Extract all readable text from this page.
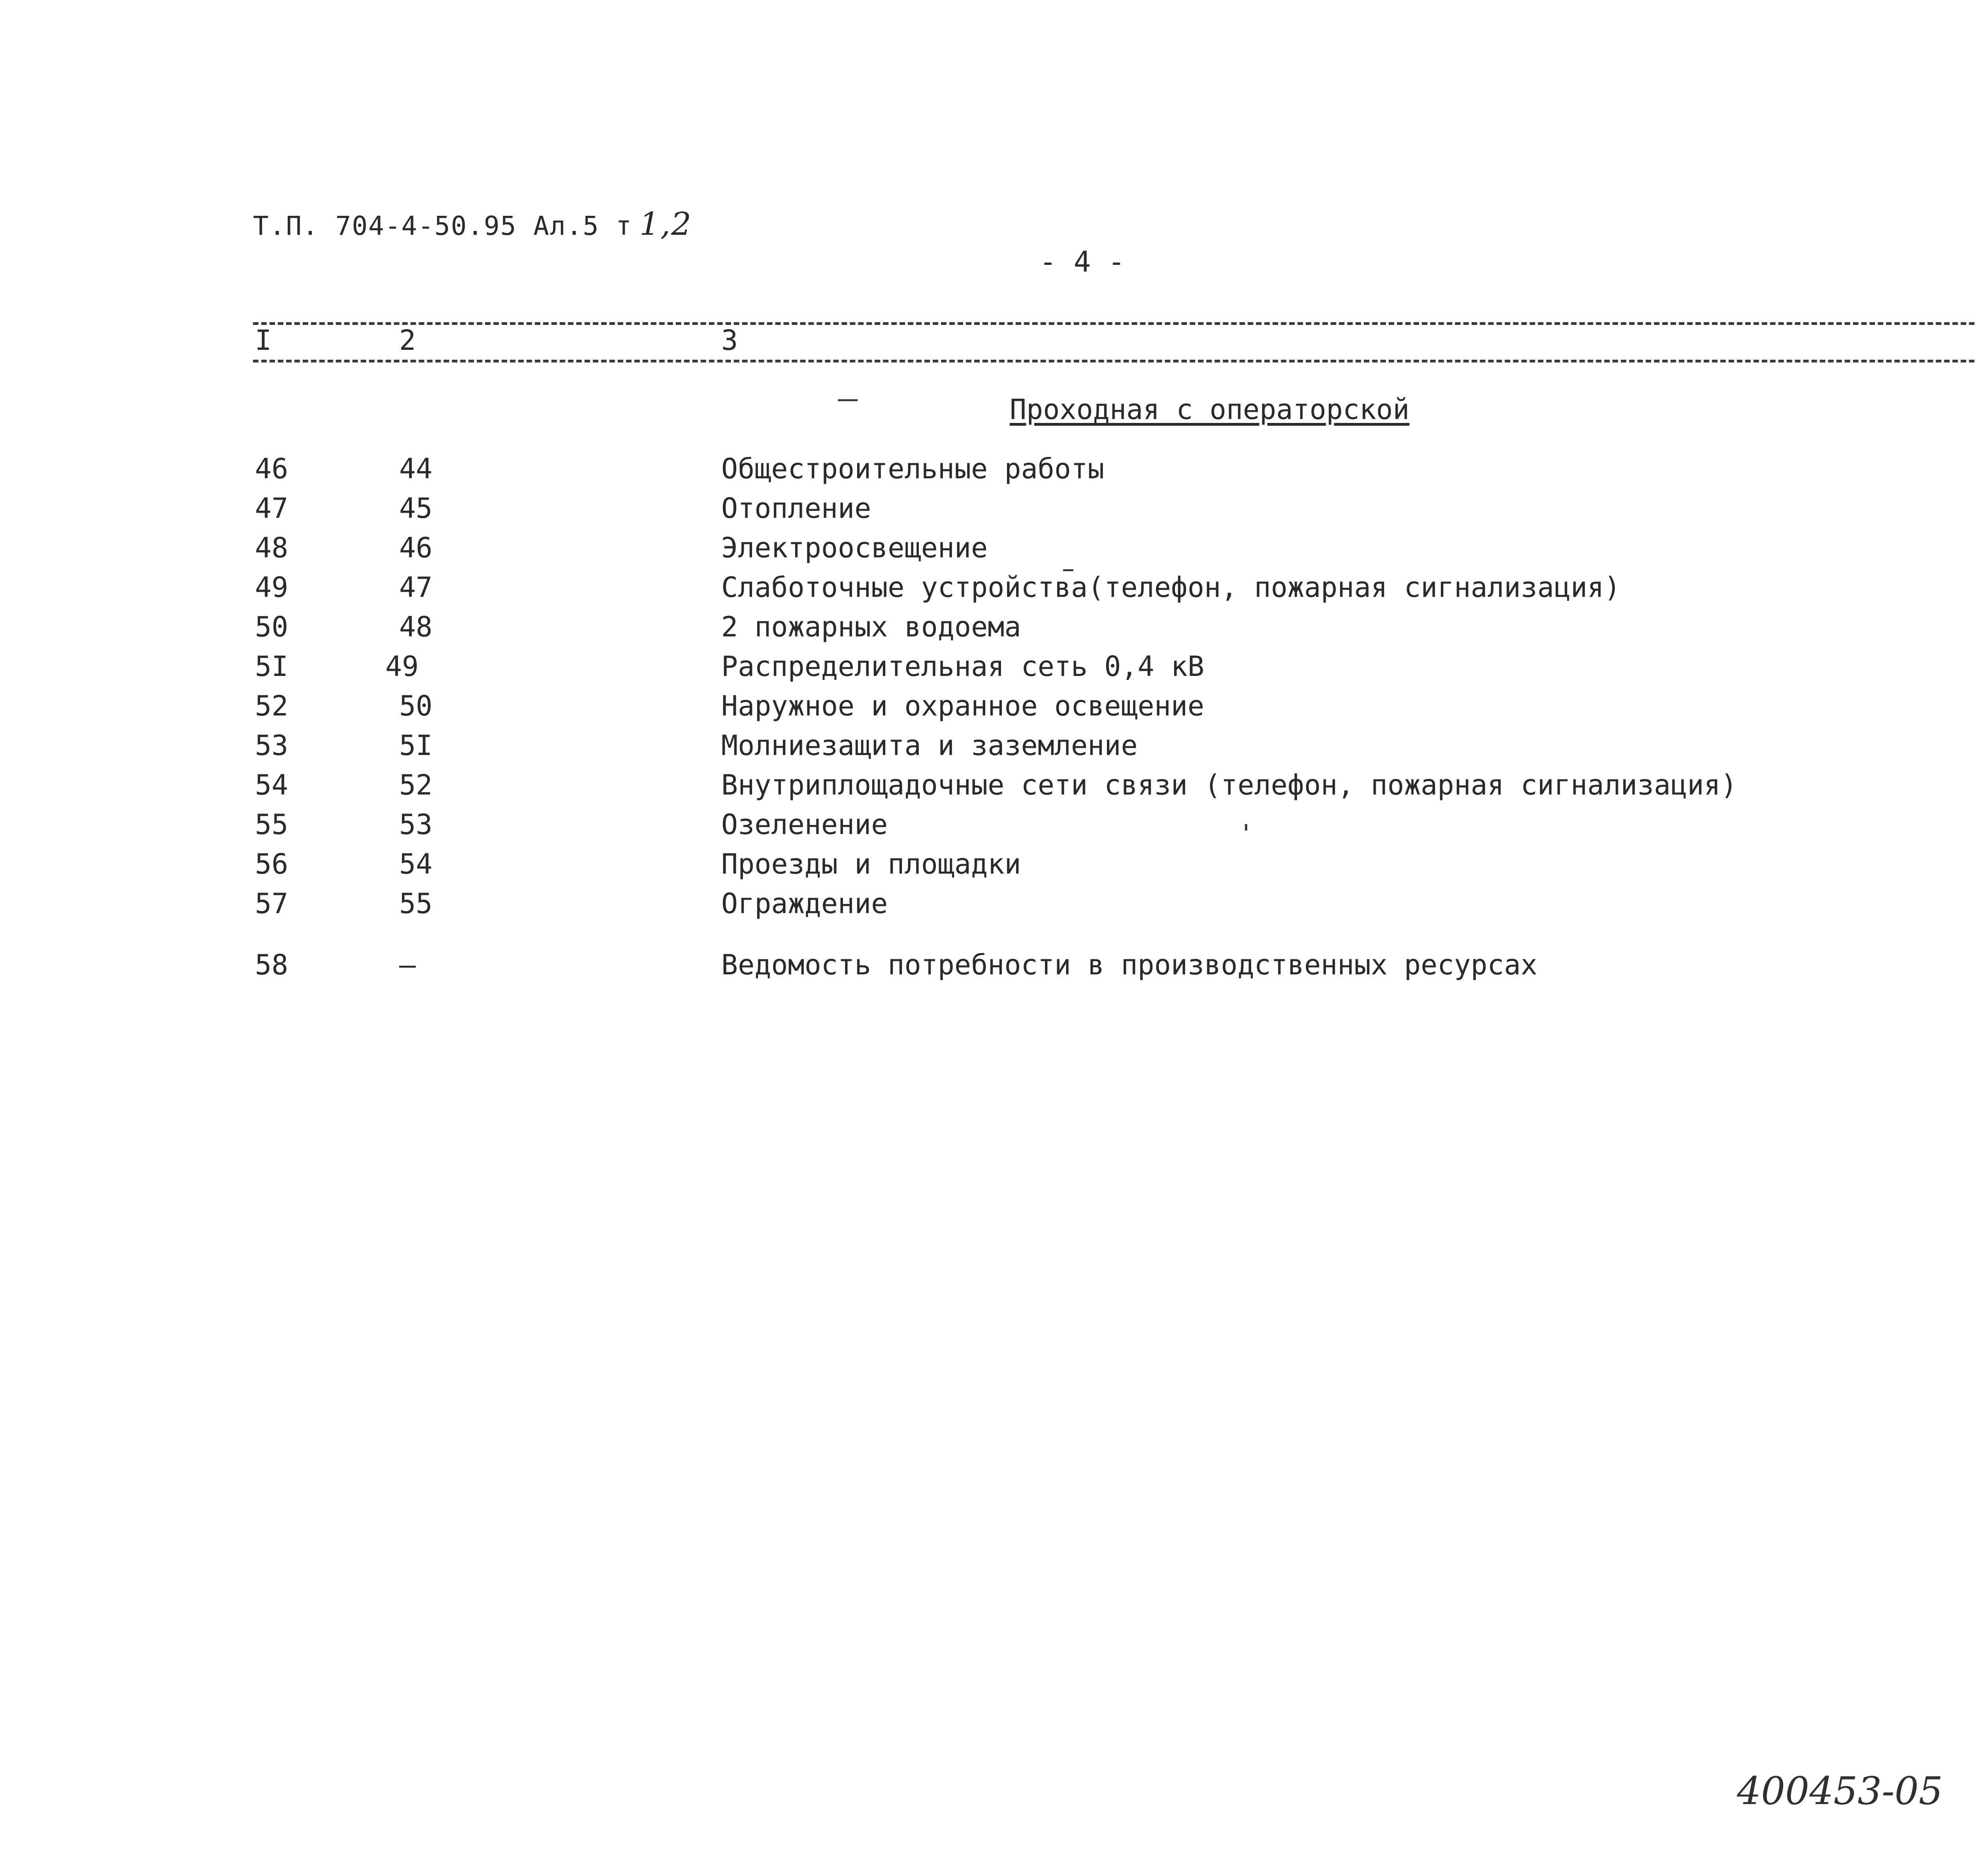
Т.П. 704-4-50.95 Ал.5 т 1,2
- 4 -
I	2	3
Проходная с операторской
46	44	Общестроительные работы
47	45	Отопление
48	46	Электроосвещение
49	47	Слаботочные устройства(телефон, пожарная сигнализация)
50	48	2 пожарных водоема
5I	49	Распределительная сеть 0,4 кВ
52	50	Наружное и охранное освещение
53	5I	Молниезащита и заземление
54	52	Внутриплощадочные сети связи (телефон, пожарная сигнализация)
55	53	Озеленение
56	54	Проезды и площадки
57	55	Ограждение
58	–	Ведомость потребности в производственных ресурсах
400453-05
